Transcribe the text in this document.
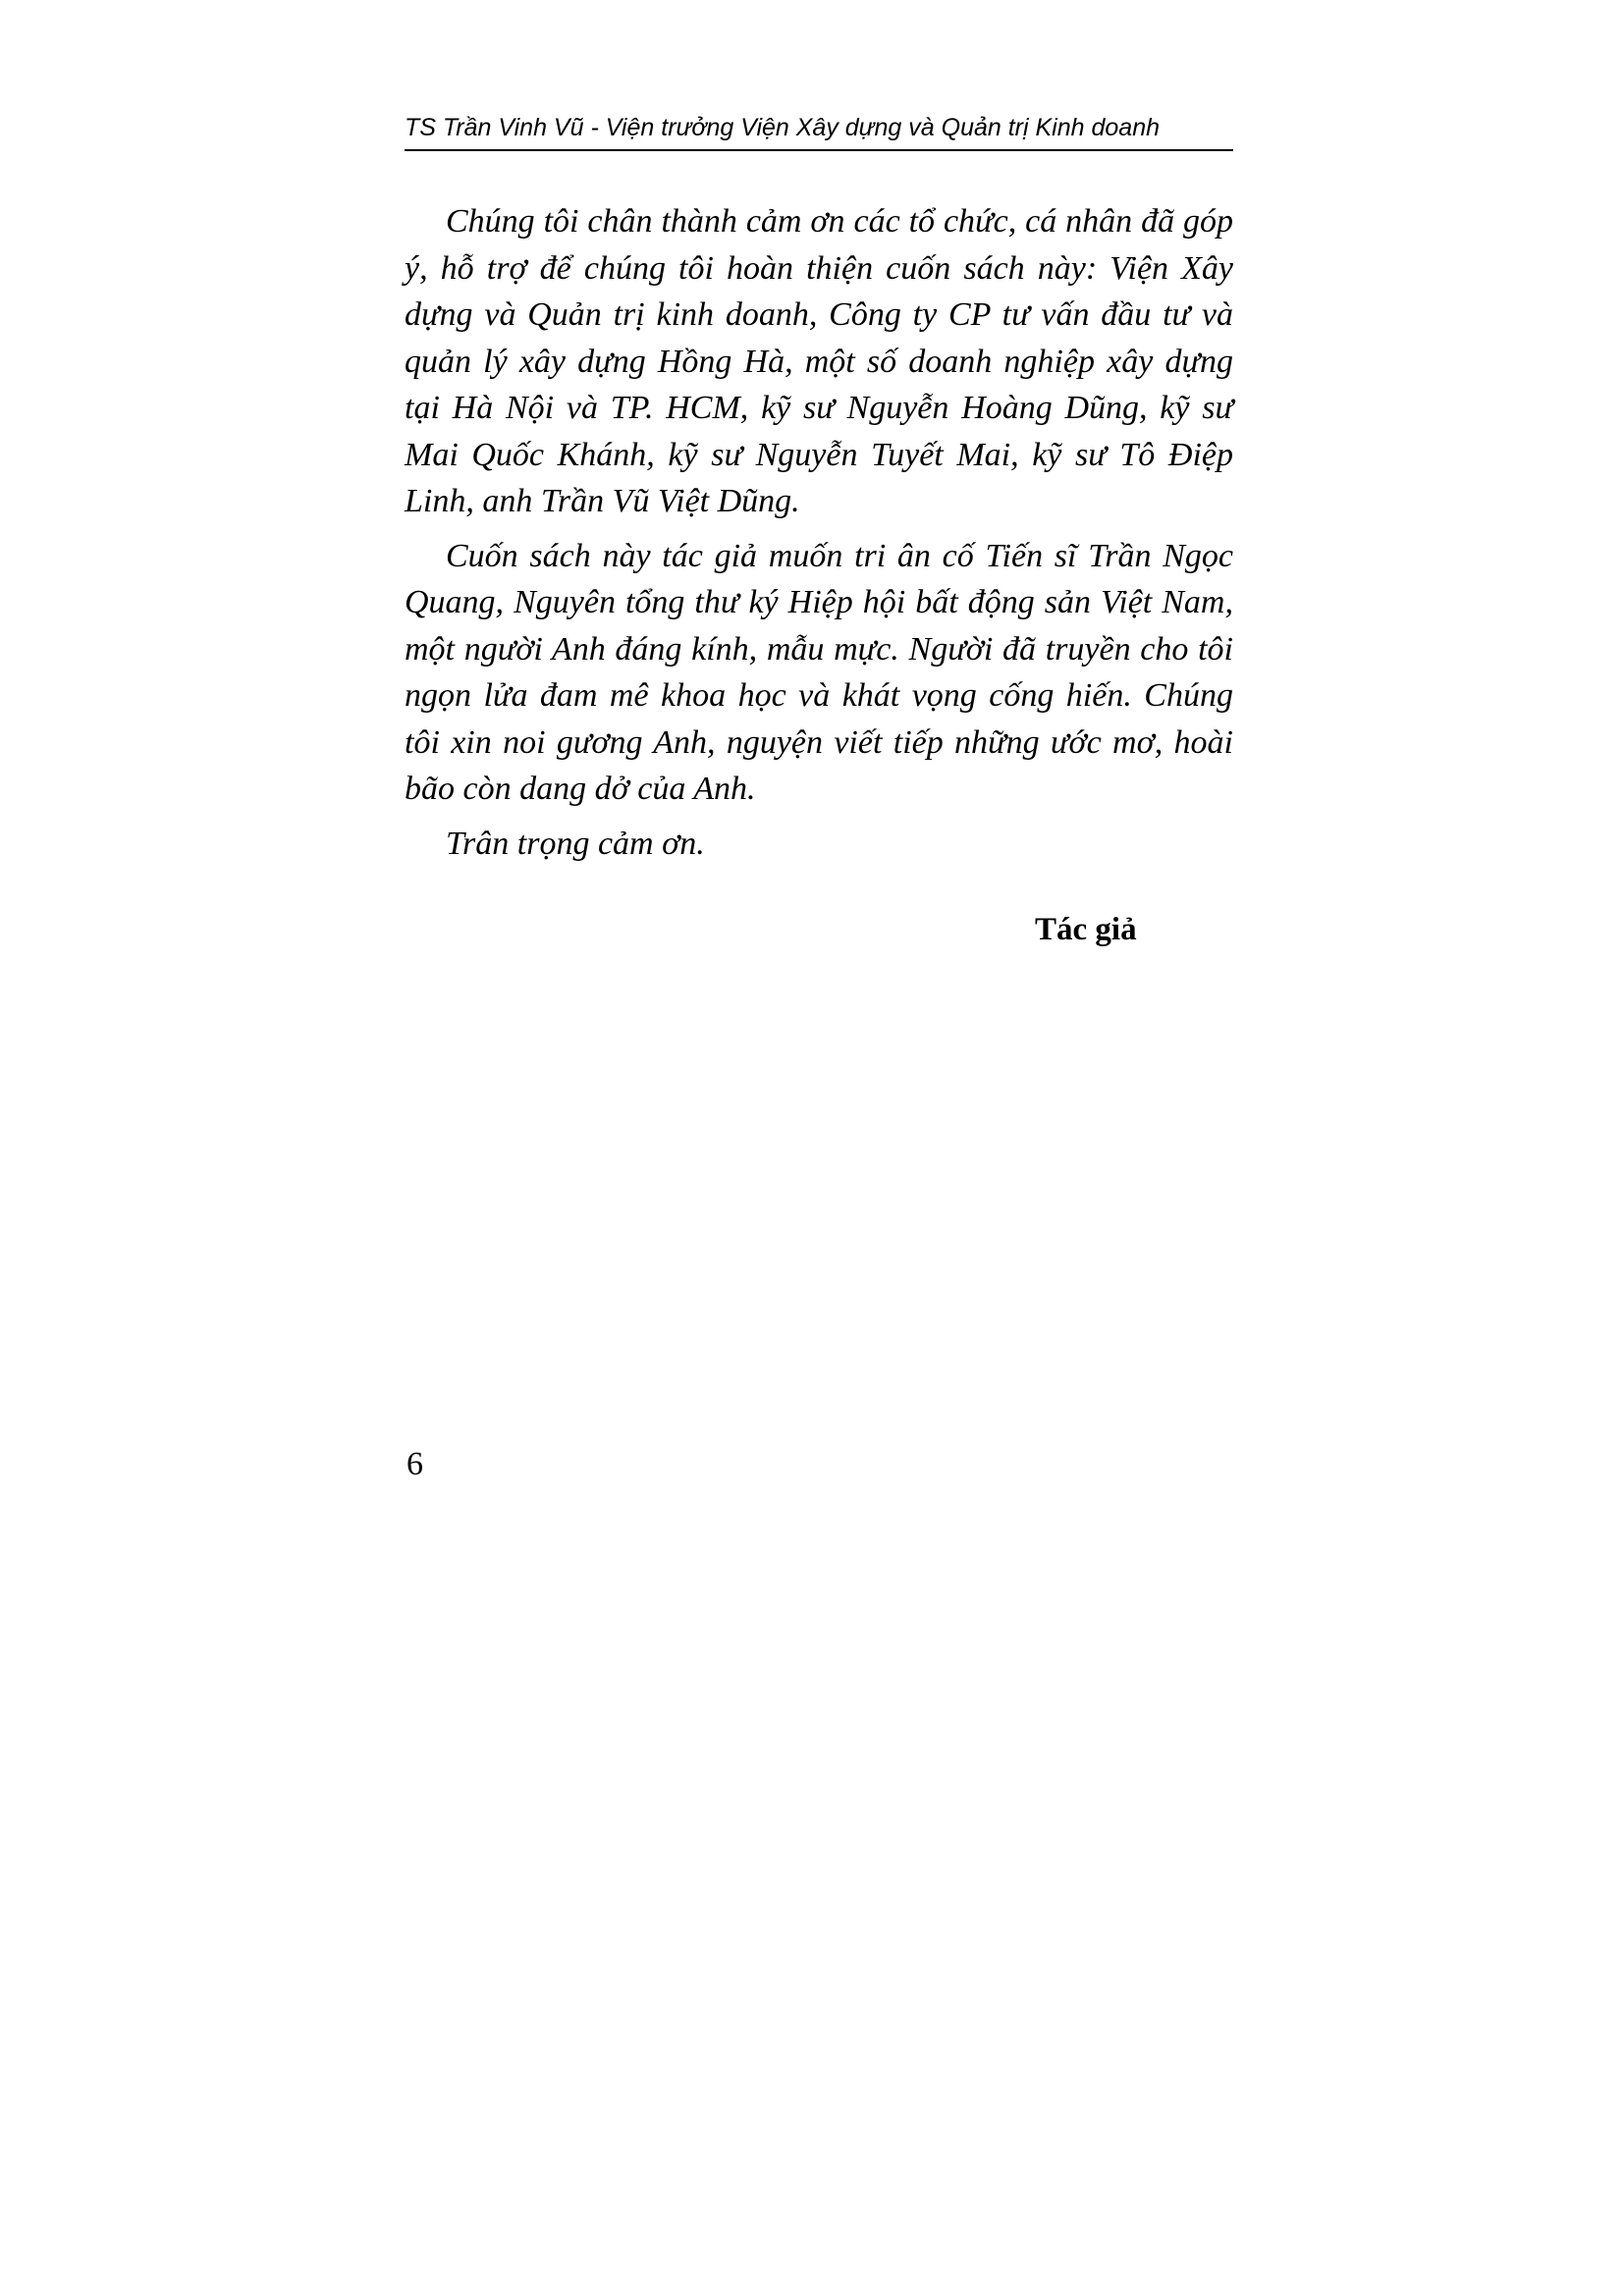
TS Trần Vinh Vũ - Viện trưởng Viện Xây dựng và Quản trị Kinh doanh

Chúng tôi chân thành cảm ơn các tổ chức, cá nhân đã góp ý, hỗ trợ để chúng tôi hoàn thiện cuốn sách này: Viện Xây dựng và Quản trị kinh doanh, Công ty CP tư vấn đầu tư và quản lý xây dựng Hồng Hà, một số doanh nghiệp xây dựng tại Hà Nội và TP. HCM, kỹ sư Nguyễn Hoàng Dũng, kỹ sư Mai Quốc Khánh, kỹ sư Nguyễn Tuyết Mai, kỹ sư Tô Điệp Linh, anh Trần Vũ Việt Dũng.

Cuốn sách này tác giả muốn tri ân cố Tiến sĩ Trần Ngọc Quang, Nguyên tổng thư ký Hiệp hội bất động sản Việt Nam, một người Anh đáng kính, mẫu mực. Người đã truyền cho tôi ngọn lửa đam mê khoa học và khát vọng cống hiến. Chúng tôi xin noi gương Anh, nguyện viết tiếp những ước mơ, hoài bão còn dang dở của Anh.

Trân trọng cảm ơn.

Tác giả
6
